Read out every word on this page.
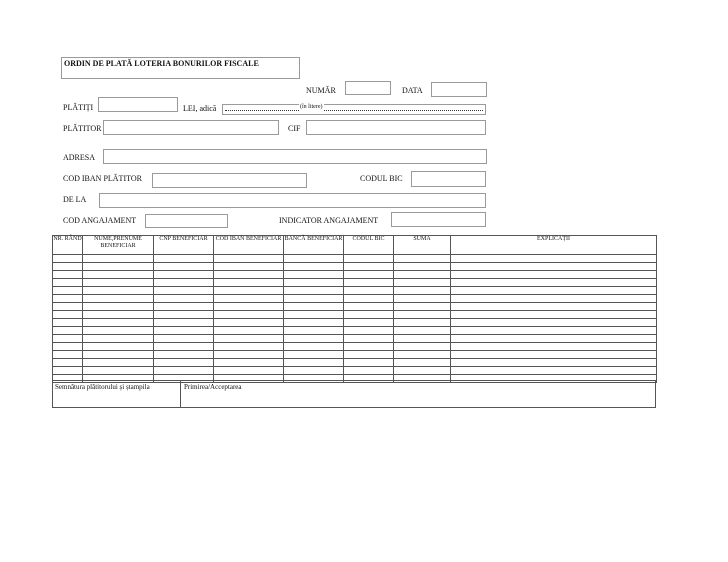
ORDIN DE PLATĂ LOTERIA BONURILOR FISCALE
NUMĂR	DATA
PLĂTIȚI	LEI, adică	(în litere)
PLĂTITOR	CIF
ADRESA
COD IBAN PLĂTITOR	CODUL BIC
DE LA
COD ANGAJAMENT	INDICATOR ANGAJAMENT
NR. RÂND	NUME,PRENUME BENEFICIAR	CNP BENEFICIAR	COD IBAN BENEFICIAR	BANCĂ BENEFICIAR	CODUL BIC	SUMA	EXPLICAȚII

Semnătura plătitorului și ștampila	Primirea/Acceptarea
